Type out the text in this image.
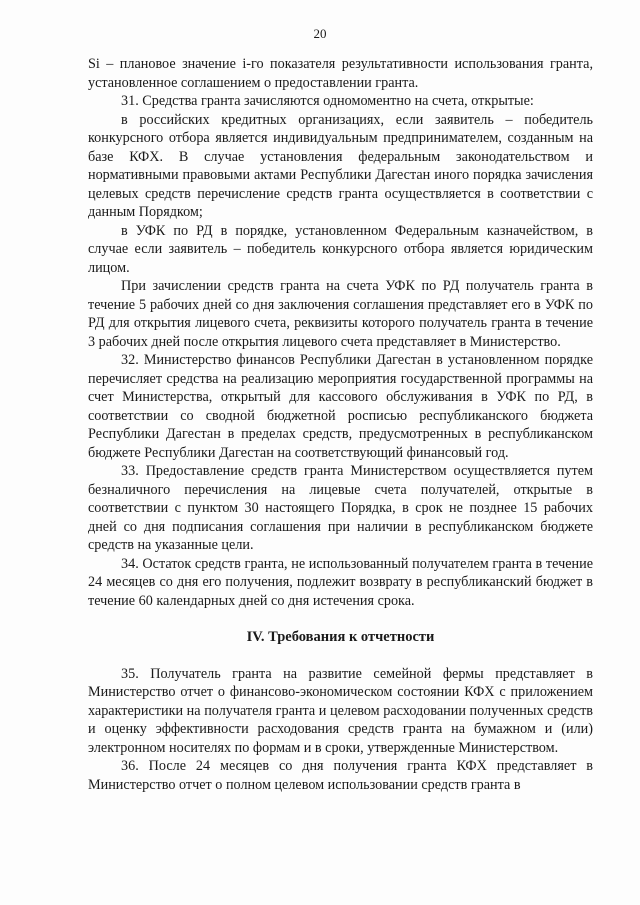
20

Si – плановое значение i-го показателя результативности использования гранта, установленное соглашением о предоставлении гранта.

31. Средства гранта зачисляются одномоментно на счета, открытые:

в российских кредитных организациях, если заявитель – победитель конкурсного отбора является индивидуальным предпринимателем, созданным на базе КФХ. В случае установления федеральным законодательством и нормативными правовыми актами Республики Дагестан иного порядка зачисления целевых средств перечисление средств гранта осуществляется в соответствии с данным Порядком;

в УФК по РД в порядке, установленном Федеральным казначейством, в случае если заявитель – победитель конкурсного отбора является юридическим лицом.

При зачислении средств гранта на счета УФК по РД получатель гранта в течение 5 рабочих дней со дня заключения соглашения представляет его в УФК по РД для открытия лицевого счета, реквизиты которого получатель гранта в течение 3 рабочих дней после открытия лицевого счета представляет в Министерство.

32. Министерство финансов Республики Дагестан в установленном порядке перечисляет средства на реализацию мероприятия государственной программы на счет Министерства, открытый для кассового обслуживания в УФК по РД, в соответствии со сводной бюджетной росписью республиканского бюджета Республики Дагестан в пределах средств, предусмотренных в республиканском бюджете Республики Дагестан на соответствующий финансовый год.

33. Предоставление средств гранта Министерством осуществляется путем безналичного перечисления на лицевые счета получателей, открытые в соответствии с пунктом 30 настоящего Порядка, в срок не позднее 15 рабочих дней со дня подписания соглашения при наличии в республиканском бюджете средств на указанные цели.

34. Остаток средств гранта, не использованный получателем гранта в течение 24 месяцев со дня его получения, подлежит возврату в республиканский бюджет в течение 60 календарных дней со дня истечения срока.

IV. Требования к отчетности

35. Получатель гранта на развитие семейной фермы представляет в Министерство отчет о финансово-экономическом состоянии КФХ с приложением характеристики на получателя гранта и целевом расходовании полученных средств и оценку эффективности расходования средств гранта на бумажном и (или) электронном носителях по формам и в сроки, утвержденные Министерством.

36. После 24 месяцев со дня получения гранта КФХ представляет в Министерство отчет о полном целевом использовании средств гранта в
